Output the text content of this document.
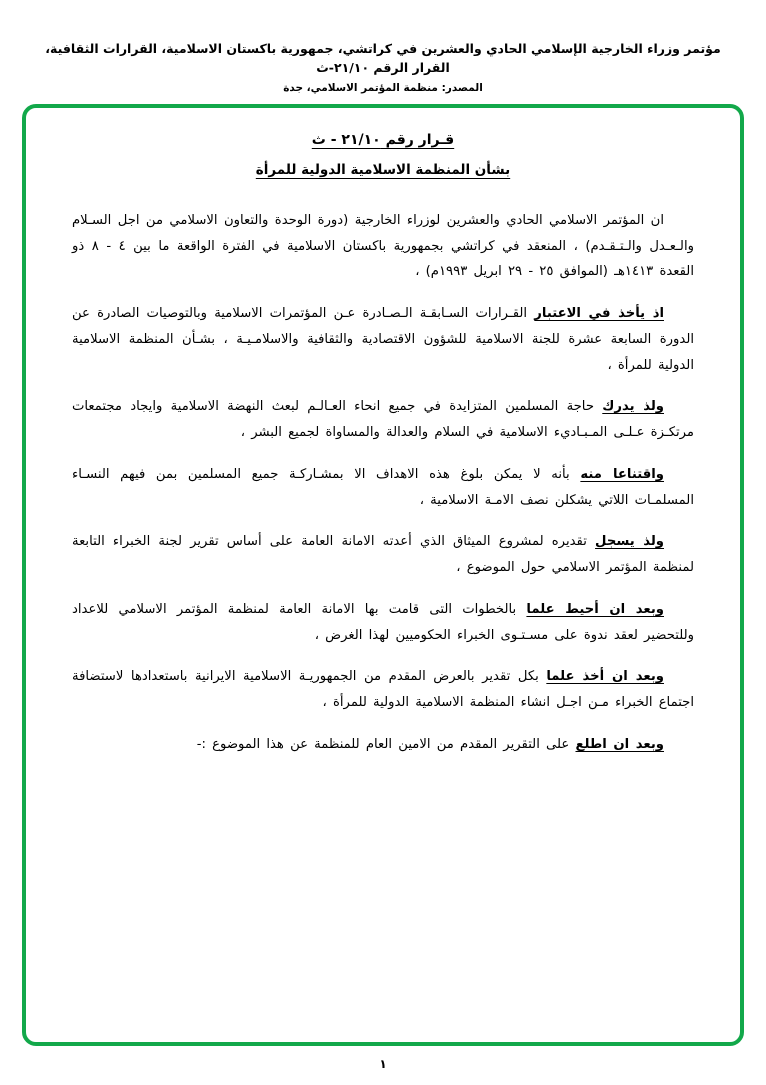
مؤتمر وزراء الخارجية الإسلامي الحادي والعشرين في كراتشي، جمهورية باكستان الاسلامية، القرارات الثقافية، القرار الرقم ٢١/١٠-ث
المصدر: منظمة المؤتمر الاسلامي، جدة
قـرار رقم ٢١/١٠ - ث
بشأن المنظمة الاسلامية الدولية للمرأة

ان المؤتمر الاسلامي الحادي والعشرين لوزراء الخارجية (دورة الوحدة والتعاون الاسلامي من اجل السـلام والـعـدل والـتـقـدم) ، المنعقد في كراتشي بجمهورية باكستان الاسلامية في الفترة الواقعة ما بين ٤ - ٨ ذو القعدة ١٤١٣هـ (الموافق ٢٥ - ٢٩ ابريل ١٩٩٣م) ،

اذ يأخذ في الاعتبار القـرارات السـابقـة الـصـادرة عـن المؤتمرات الاسلامية وبالتوصيات الصادرة عن الدورة السابعة عشرة للجنة الاسلامية للشؤون الاقتصادية والثقافية والاسلامـيـة ، بشـأن المنظمة الاسلامية الدولية للمرأة ،

ولذ يدرك حاجة المسلمين المتزايدة في جميع انحاء العـالـم لبعث النهضة الاسلامية وايجاد مجتمعات مرتكـزة عـلـى المـبـاديء الاسلامية في السلام والعدالة والمساواة لجميع البشر ،

واقتناعا منه بأنه لا يمكن بلوغ هذه الاهداف الا بمشـاركـة جميع المسلمين بمن فيهم النسـاء المسلمـات اللاتي يشكلن نصف الامـة الاسلامية ،

ولذ يسجل تقديره لمشروع الميثاق الذي أعدته الامانة العامة على أساس تقرير لجنة الخبراء التابعة لمنظمة المؤتمر الاسلامي حول الموضوع ،

وبعد ان أحيط علما بالخطوات التى قامت بها الامانة العامة لمنظمة المؤتمر الاسلامي للاعداد وللتحضير لعقد ندوة على مسـتـوى الخبراء الحكوميين لهذا الغرض ،

وبعد ان أخذ علما بكل تقدير بالعرض المقدم من الجمهوريـة الاسلامية الايرانية باستعدادها لاستضافة اجتماع الخبراء مـن اجـل انشاء المنظمة الاسلامية الدولية للمرأة ،

وبعد ان اطلع على التقرير المقدم من الامين العام للمنظمة عن هذا الموضوع :-

١
